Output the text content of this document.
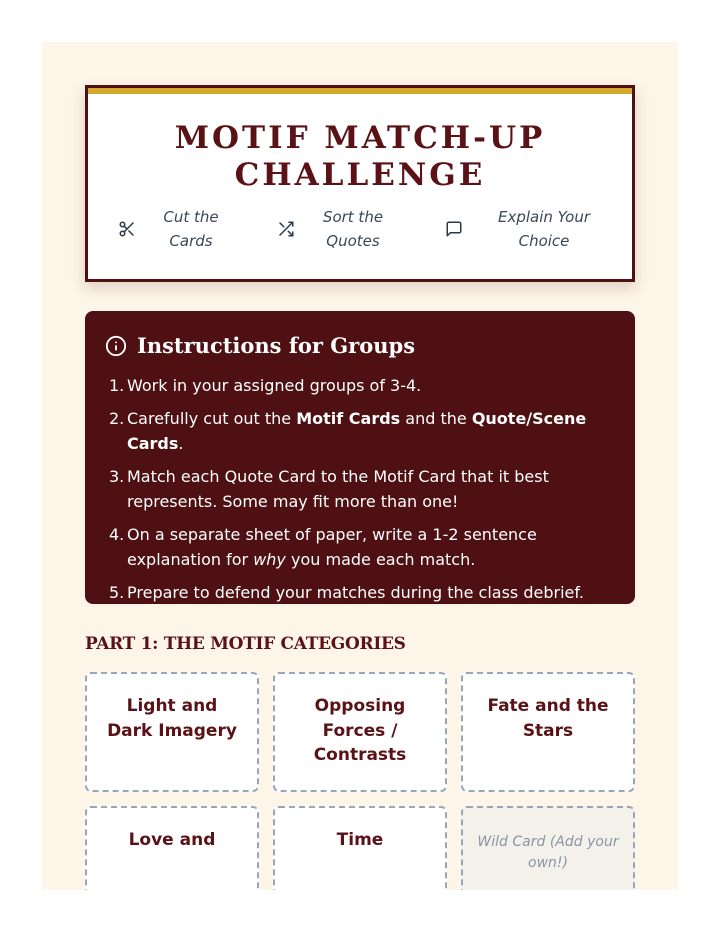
MOTIF MATCH-UP
CHALLENGE
Cut the
Cards
Sort the
Quotes
Explain Your
Choice
Instructions for Groups
1. Work in your assigned groups of 3-4.
2. Carefully cut out the Motif Cards and the Quote/Scene Cards.
3. Match each Quote Card to the Motif Card that it best represents. Some may fit more than one!
4. On a separate sheet of paper, write a 1-2 sentence explanation for why you made each match.
5. Prepare to defend your matches during the class debrief.
PART 1: THE MOTIF CATEGORIES
Light and
Dark Imagery
Opposing
Forces /
Contrasts
Fate and the
Stars
Love and	Time	Wild Card (Add your
own!)
